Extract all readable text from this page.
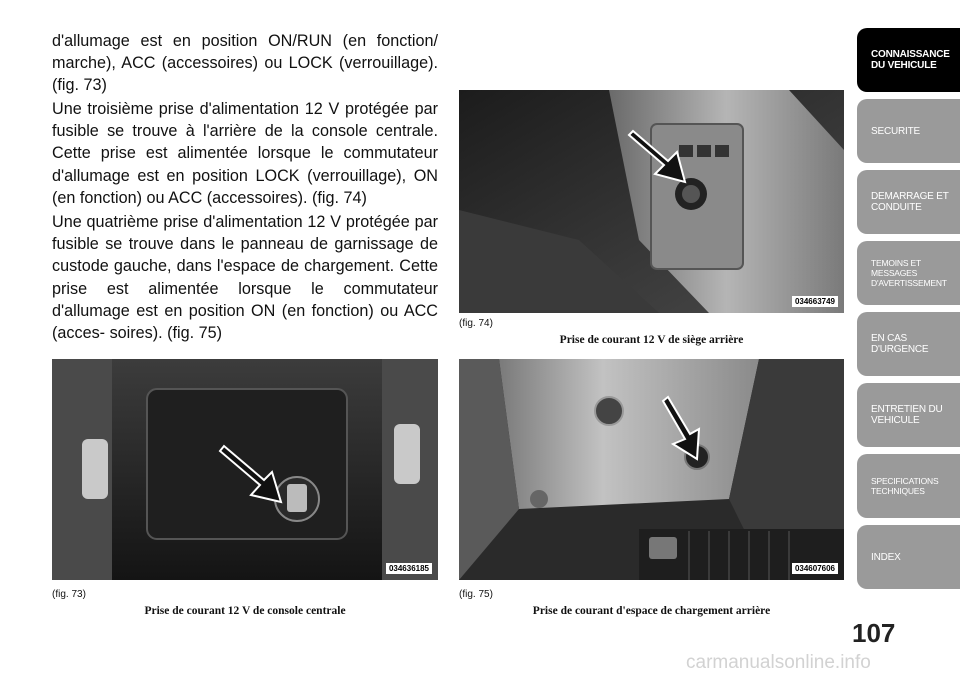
d'allumage est en position ON/RUN (en fonction/ marche), ACC (accessoires) ou LOCK (verrouillage). (fig. 73)

Une troisième prise d'alimentation 12 V protégée par fusible se trouve à l'arrière de la console centrale. Cette prise est alimentée lorsque le commutateur d'allumage est en position LOCK (verrouillage), ON (en fonction) ou ACC (accessoires). (fig. 74)

Une quatrième prise d'alimentation 12 V protégée par fusible se trouve dans le panneau de garnissage de custode gauche, dans l'espace de chargement. Cette prise est alimentée lorsque le commutateur d'allumage est en position ON (en fonction) ou ACC (acces- soires). (fig. 75)

034663749
(fig. 74)
Prise de courant 12 V de siège arrière
034636185
(fig. 73)
Prise de courant 12 V de console centrale
034607606
(fig. 75)
Prise de courant d'espace de chargement arrière
CONNAISSANCE DU VEHICULE
SECURITE
DEMARRAGE ET CONDUITE
TEMOINS ET MESSAGES D'AVERTISSEMENT
EN CAS D'URGENCE
ENTRETIEN DU VEHICULE
SPECIFICATIONS TECHNIQUES
INDEX
107
carmanualsonline.info
